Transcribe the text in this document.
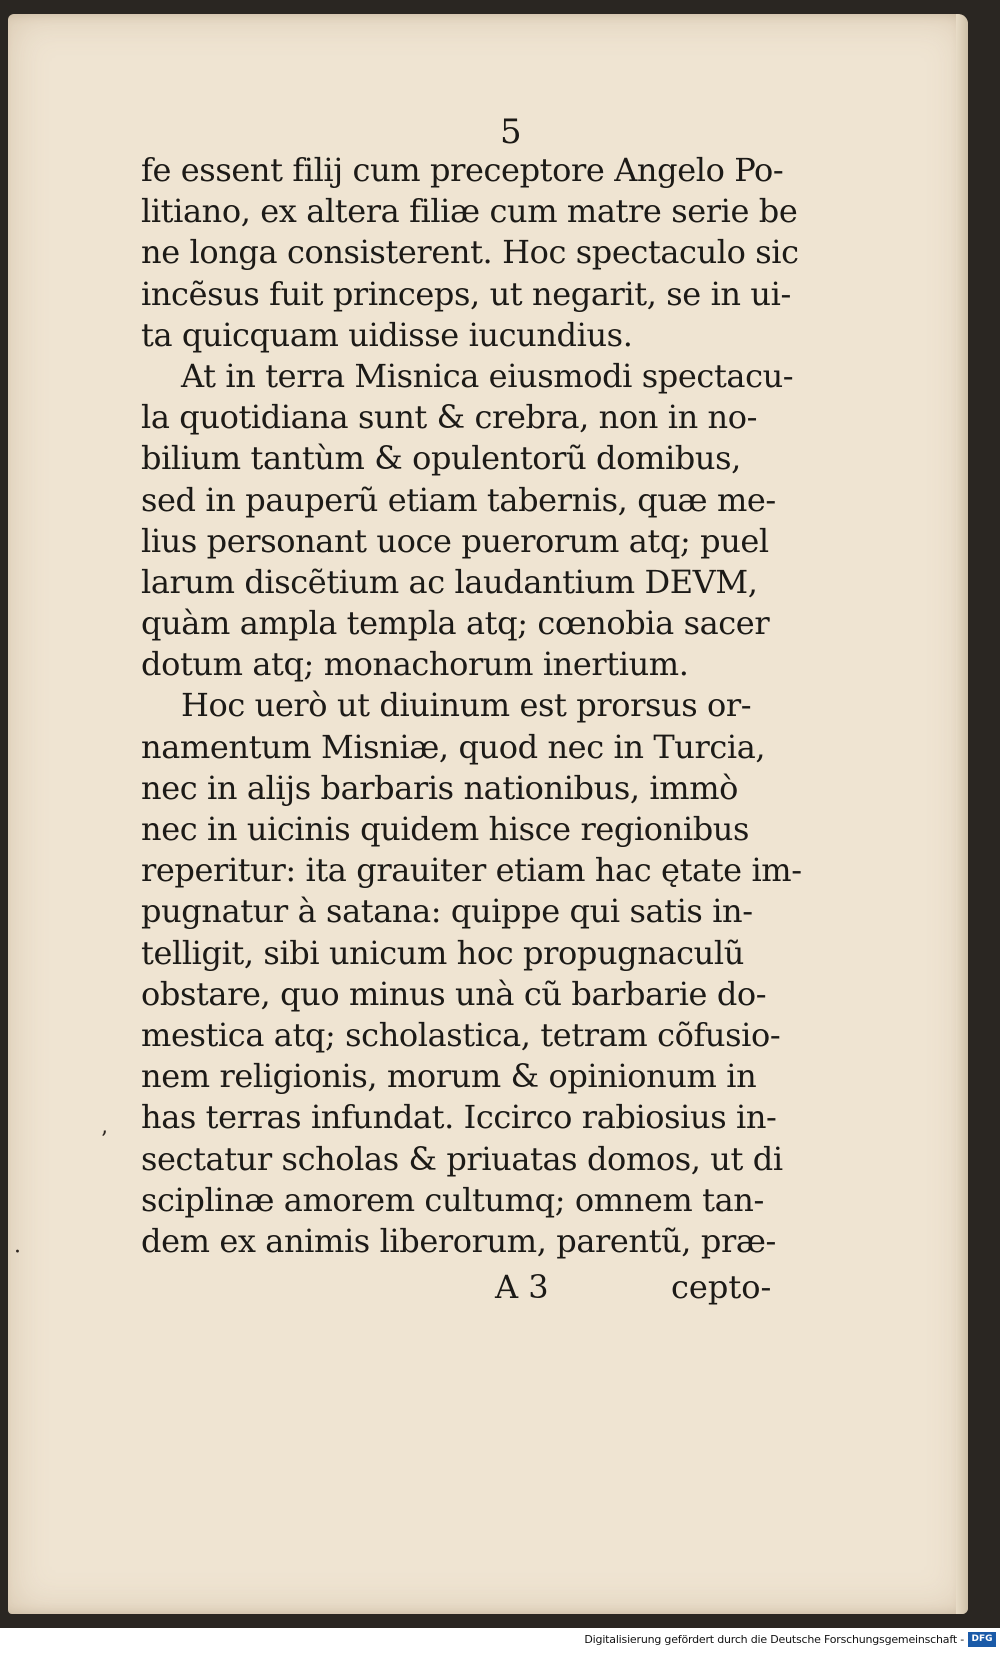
5
fe essent filij cum preceptore Angelo Po-
litiano, ex altera filiæ cum matre serie be
ne longa consisterent. Hoc spectaculo sic
incẽsus fuit princeps, ut negarit, se in ui-
ta quicquam uidisse iucundius.
At in terra Misnica eiusmodi spectacu-
la quotidiana sunt & crebra, non in no-
bilium tantùm & opulentorũ domibus,
sed in pauperũ etiam tabernis, quæ me-
lius personant uoce puerorum atq; puel
larum discẽtium ac laudantium DEVM,
quàm ampla templa atq; cœnobia sacer
dotum atq; monachorum inertium.
Hoc uerò ut diuinum est prorsus or-
namentum Misniæ, quod nec in Turcia,
nec in alijs barbaris nationibus, immò
nec in uicinis quidem hisce regionibus
reperitur: ita grauiter etiam hac ętate im-
pugnatur à satana: quippe qui satis in-
telligit, sibi unicum hoc propugnaculũ
obstare, quo minus unà cũ barbarie do-
mestica atq; scholastica, tetram cõfusio-
nem religionis, morum & opinionum in
has terras infundat. Iccirco rabiosius in-
sectatur scholas & priuatas domos, ut di
sciplinæ amorem cultumq; omnem tan-
dem ex animis liberorum, parentũ, præ-
A 3	cepto-
ʼ
·
Digitalisierung gefördert durch die Deutsche Forschungsgemeinschaft - DFG
